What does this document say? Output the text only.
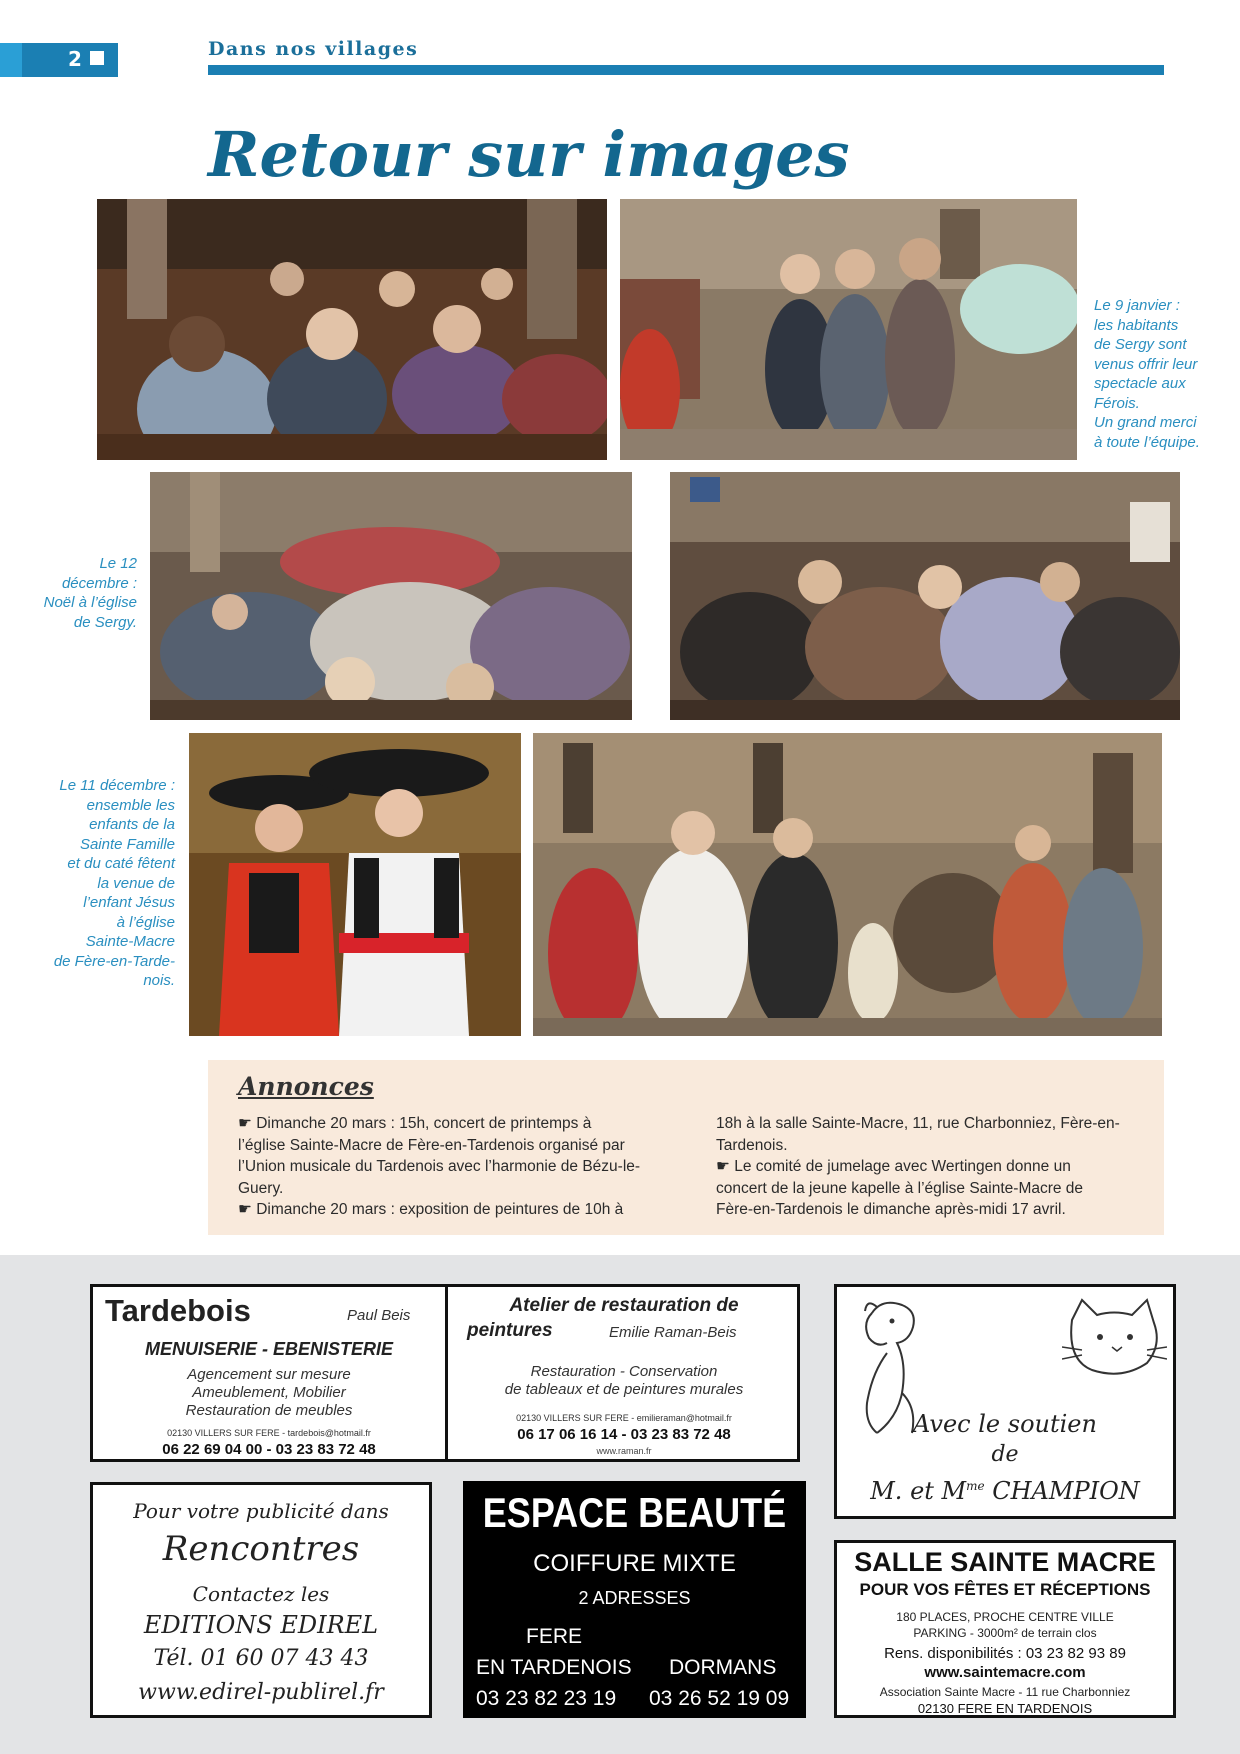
2	Dans nos villages
Retour sur images
Le 9 janvier :
les habitants
de Sergy sont
venus offrir leur
spectacle aux
Férois.
Un grand merci
à toute l’équipe.
Le 12
décembre :
Noël à l’église
de Sergy.
Le 11 décembre :
ensemble les
enfants de la
Sainte Famille
et du caté fêtent
la venue de
l’enfant Jésus
à l’église
Sainte-Macre
de Fère-en-Tarde-
nois.
Annonces
☛ Dimanche 20 mars : 15h, concert de printemps à
l’église Sainte-Macre de Fère-en-Tardenois organisé par
l’Union musicale du Tardenois avec l’harmonie de Bézu-le-
Guery.
☛ Dimanche 20 mars : exposition de peintures de 10h à
18h à la salle Sainte-Macre, 11, rue Charbonniez, Fère-en-
Tardenois.
☛ Le comité de jumelage avec Wertingen donne un
concert de la jeune kapelle à l’église Sainte-Macre de
Fère-en-Tardenois le dimanche après-midi 17 avril.
Tardebois	Paul Beis
MENUISERIE - EBENISTERIE
Agencement sur mesure
Ameublement, Mobilier
Restauration de meubles
02130 VILLERS SUR FERE - tardebois@hotmail.fr
06 22 69 04 00 - 03 23 83 72 48
Atelier de restauration de
peintures	Emilie Raman-Beis
Restauration - Conservation
de tableaux et de peintures murales
02130 VILLERS SUR FERE - emilieraman@hotmail.fr
06 17 06 16 14 - 03 23 83 72 48
www.raman.fr
Avec le soutien
de
M. et $M^{me}$ CHAMPION
Pour votre publicité dans
Rencontres
Contactez les
EDITIONS EDIREL
Tél. 01 60 07 43 43
www.edirel-publirel.fr
ESPACE BEAUTÉ
COIFFURE MIXTE
2 ADRESSES
FERE
EN TARDENOIS DORMANS
03 23 82 23 19 03 26 52 19 09
SALLE SAINTE MACRE
POUR VOS FÊTES ET RÉCEPTIONS
180 PLACES, PROCHE CENTRE VILLE
PARKING - 3000m² de terrain clos
Rens. disponibilités : 03 23 82 93 89
www.saintemacre.com
Association Sainte Macre - 11 rue Charbonniez
02130 FERE EN TARDENOIS
